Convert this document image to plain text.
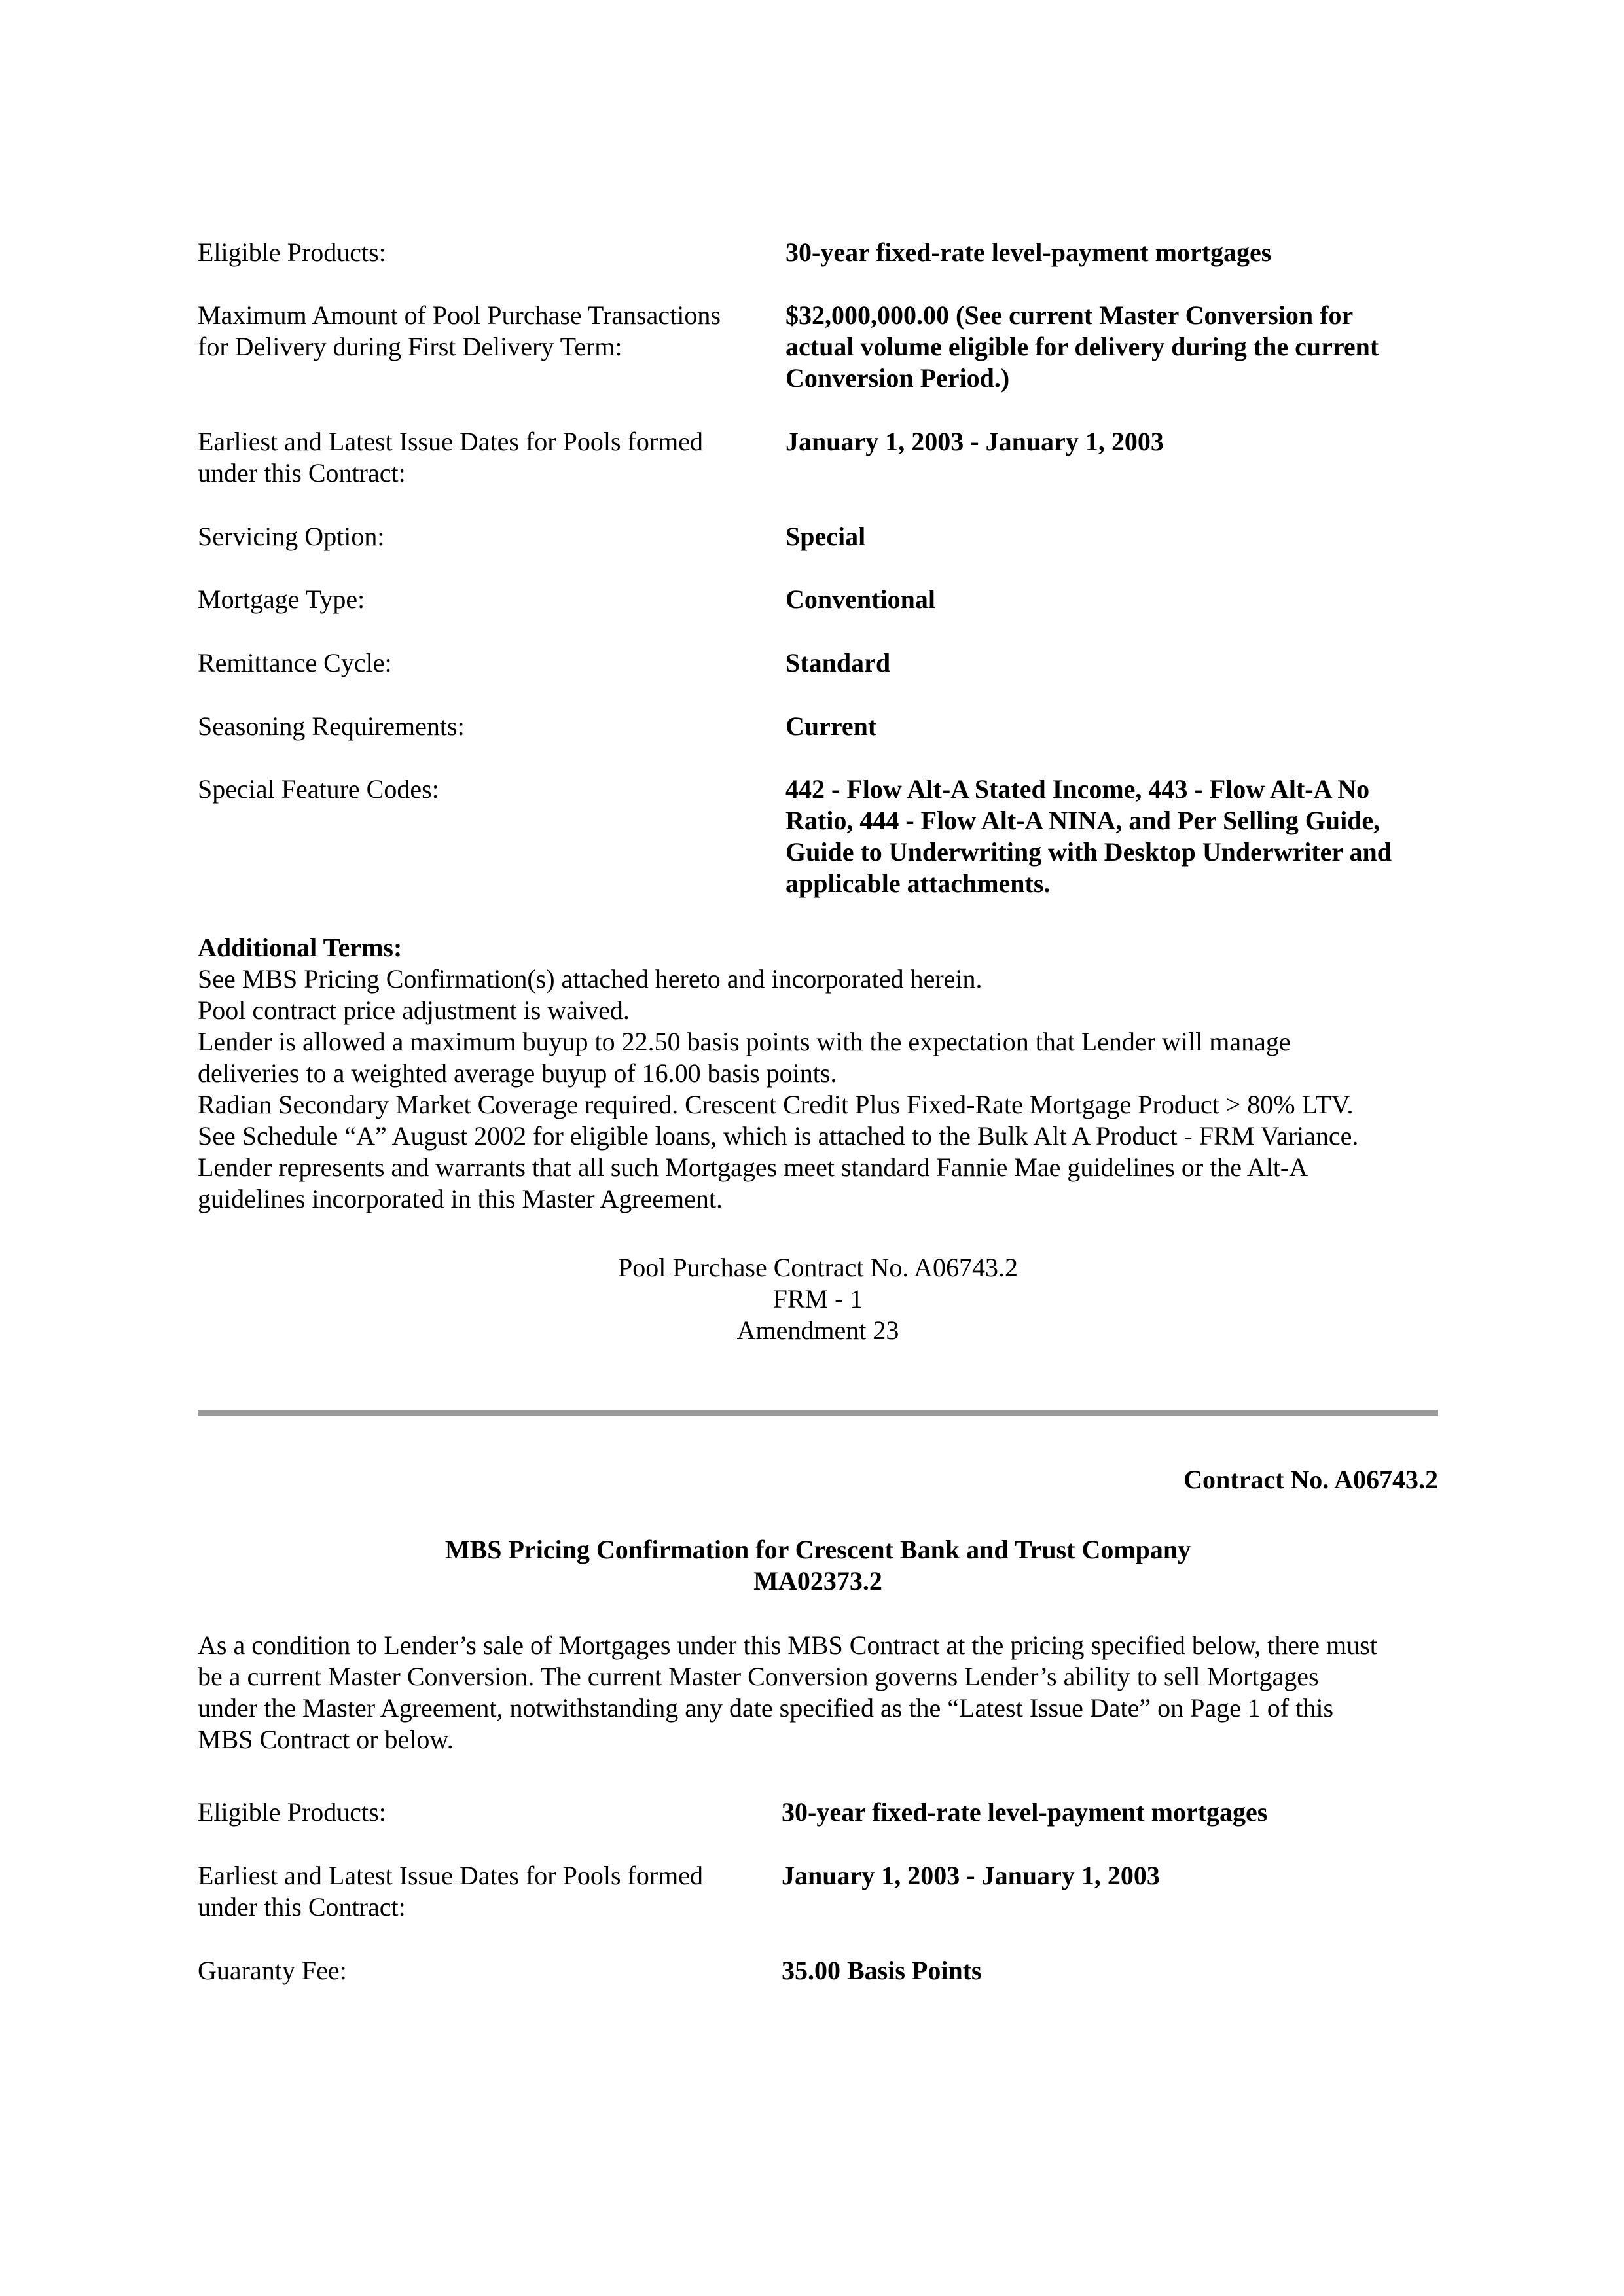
Eligible Products:	30-year fixed-rate level-payment mortgages
Maximum Amount of Pool Purchase Transactions
for Delivery during First Delivery Term:
$32,000,000.00 (See current Master Conversion for
actual volume eligible for delivery during the current
Conversion Period.)
Earliest and Latest Issue Dates for Pools formed
under this Contract:
January 1, 2003 - January 1, 2003
Servicing Option:	Special
Mortgage Type:	Conventional
Remittance Cycle:	Standard
Seasoning Requirements:	Current
Special Feature Codes:	442 - Flow Alt-A Stated Income, 443 - Flow Alt-A No
Ratio, 444 - Flow Alt-A NINA, and Per Selling Guide,
Guide to Underwriting with Desktop Underwriter and
applicable attachments.
Additional Terms:
See MBS Pricing Confirmation(s) attached hereto and incorporated herein.
Pool contract price adjustment is waived.
Lender is allowed a maximum buyup to 22.50 basis points with the expectation that Lender will manage
deliveries to a weighted average buyup of 16.00 basis points.
Radian Secondary Market Coverage required. Crescent Credit Plus Fixed-Rate Mortgage Product > 80% LTV.
See Schedule “A” August 2002 for eligible loans, which is attached to the Bulk Alt A Product - FRM Variance.
Lender represents and warrants that all such Mortgages meet standard Fannie Mae guidelines or the Alt-A
guidelines incorporated in this Master Agreement.
Pool Purchase Contract No. A06743.2
FRM - 1
Amendment 23
Contract No. A06743.2
MBS Pricing Confirmation for Crescent Bank and Trust Company
MA02373.2
As a condition to Lender’s sale of Mortgages under this MBS Contract at the pricing specified below, there must
be a current Master Conversion. The current Master Conversion governs Lender’s ability to sell Mortgages
under the Master Agreement, notwithstanding any date specified as the “Latest Issue Date” on Page 1 of this
MBS Contract or below.
Eligible Products:	30-year fixed-rate level-payment mortgages
Earliest and Latest Issue Dates for Pools formed
under this Contract:
January 1, 2003 - January 1, 2003
Guaranty Fee:	35.00 Basis Points
